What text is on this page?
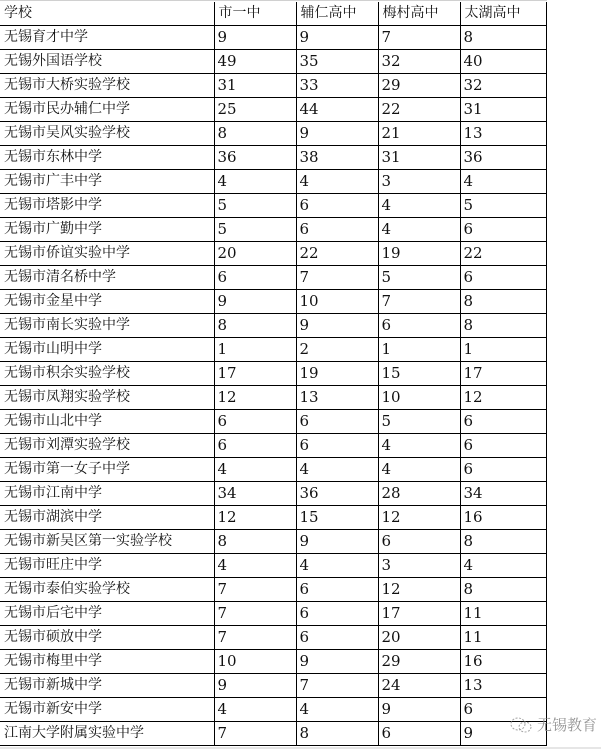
学校	市一中	辅仁高中	梅村高中	太湖高中
无锡育才中学	9	9	7	8
无锡外国语学校	49	35	32	40
无锡市大桥实验学校	31	33	29	32
无锡市民办辅仁中学	25	44	22	31
无锡市吴风实验学校	8	9	21	13
无锡市东林中学	36	38	31	36
无锡市广丰中学	4	4	3	4
无锡市塔影中学	5	6	4	5
无锡市广勤中学	5	6	4	6
无锡市侨谊实验中学	20	22	19	22
无锡市清名桥中学	6	7	5	6
无锡市金星中学	9	10	7	8
无锡市南长实验中学	8	9	6	8
无锡市山明中学	1	2	1	1
无锡市积余实验学校	17	19	15	17
无锡市凤翔实验学校	12	13	10	12
无锡市山北中学	6	6	5	6
无锡市刘潭实验学校	6	6	4	6
无锡市第一女子中学	4	4	4	6
无锡市江南中学	34	36	28	34
无锡市湖滨中学	12	15	12	16
无锡市新吴区第一实验学校	8	9	6	8
无锡市旺庄中学	4	4	3	4
无锡市泰伯实验学校	7	6	12	8
无锡市后宅中学	7	6	17	11
无锡市硕放中学	7	6	20	11
无锡市梅里中学	10	9	29	16
无锡市新城中学	9	7	24	13
无锡市新安中学	4	4	9	6
江南大学附属实验中学	7	8	6	9	无锡教育
